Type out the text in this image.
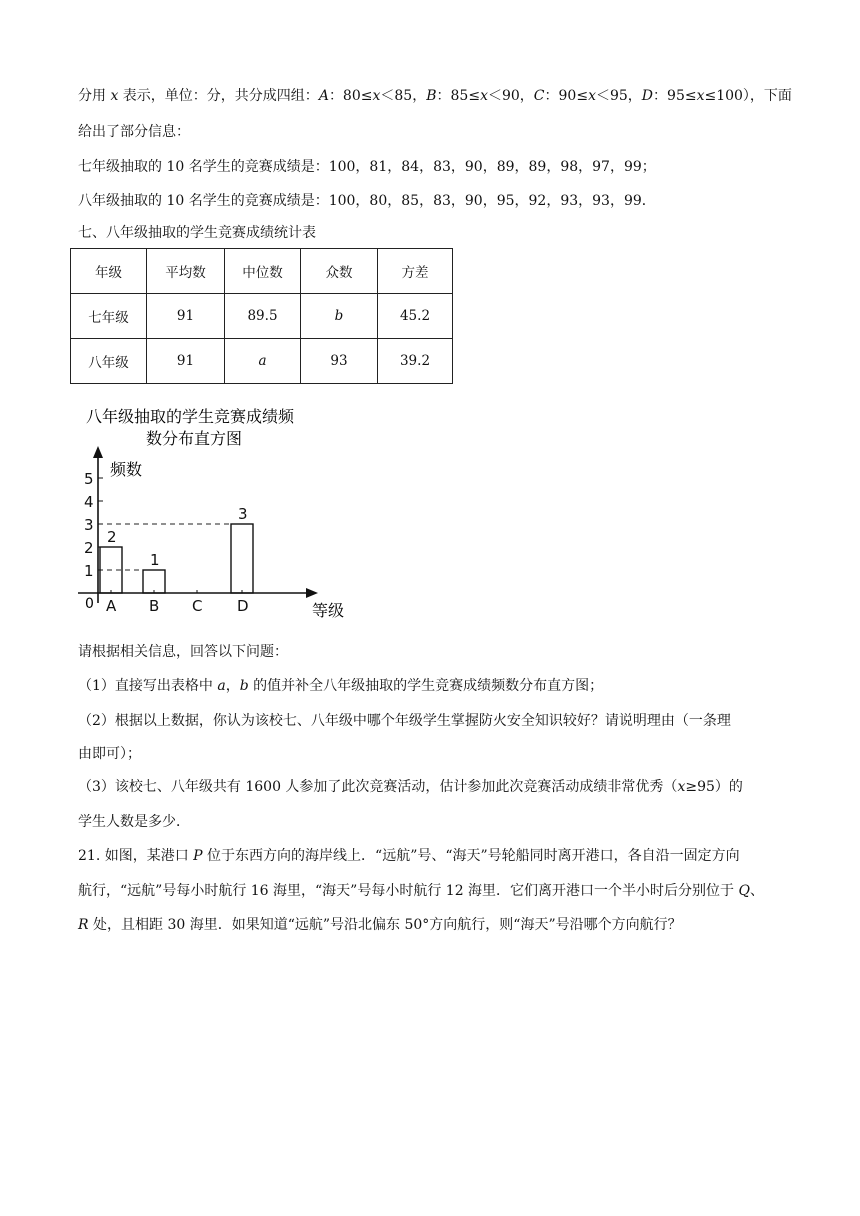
分用 x 表示，单位：分，共分成四组：A：80≤x＜85，B：85≤x＜90，C：90≤x＜95，D：95≤x≤100），下面
给出了部分信息：
七年级抽取的 10 名学生的竞赛成绩是：100，81，84，83，90，89，89，98，97，99；
八年级抽取的 10 名学生的竞赛成绩是：100，80，85，83，90，95，92，93，93，99．
七、八年级抽取的学生竞赛成绩统计表
年级	平均数	中位数	众数	方差
七年级	91	89.5	b	45.2
八年级	91	a	93	39.2
八年级抽取的学生竞赛成绩频
数分布直方图
频数
等级
0
1
2
3
4
5
2
A
1
B C
3
D
请根据相关信息，回答以下问题：
（1）直接写出表格中 a，b 的值并补全八年级抽取的学生竞赛成绩频数分布直方图；
（2）根据以上数据，你认为该校七、八年级中哪个年级学生掌握防火安全知识较好？请说明理由（一条理
由即可）；
（3）该校七、八年级共有 1600 人参加了此次竞赛活动，估计参加此次竞赛活动成绩非常优秀（x≥95）的
学生人数是多少．
21. 如图，某港口 P 位于东西方向的海岸线上．“远航”号、“海天”号轮船同时离开港口，各自沿一固定方向
航行，“远航”号每小时航行 16 海里，“海天”号每小时航行 12 海里．它们离开港口一个半小时后分别位于 Q、
R 处，且相距 30 海里．如果知道“远航”号沿北偏东 50°方向航行，则“海天”号沿哪个方向航行？
